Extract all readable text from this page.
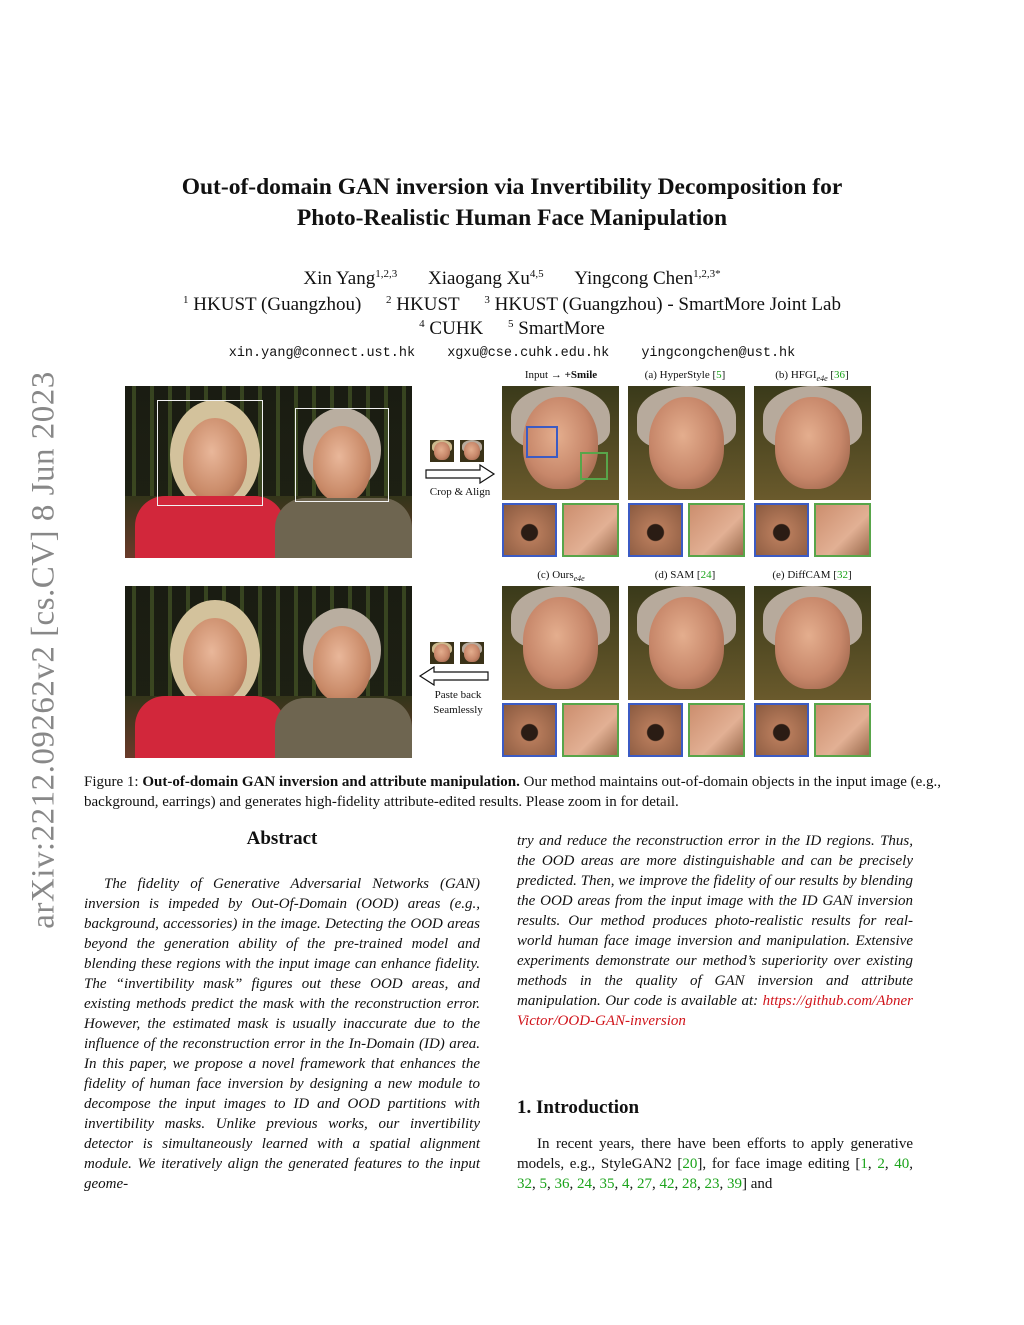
arXiv:2212.09262v2 [cs.CV] 8 Jun 2023
Out-of-domain GAN inversion via Invertibility Decomposition for
Photo-Realistic Human Face Manipulation
Xin Yang$^{1,2,3}$ Xiaogang Xu$^{4,5}$ Yingcong Chen$^{1,2,3*}$
$^1$ HKUST (Guangzhou) $^2$ HKUST $^3$ HKUST (Guangzhou) - SmartMore Joint Lab
$^4$ CUHK $^5$ SmartMore
xin.yang@connect.ust.hk xgxu@cse.cuhk.edu.hk yingcongchen@ust.hk
Crop & Align
Paste back
Seamlessly
Input → +Smile	(a) HyperStyle [5]	(b) $HFGI_{e4e}$ [36]
(c) Ours$_{e4e}$	(d) SAM [24]	(e) DiffCAM [32]
Figure 1: Out-of-domain GAN inversion and attribute manipulation. Our method maintains out-of-domain objects in the input image (e.g., background, earrings) and generates high-fidelity attribute-edited results. Please zoom in for detail.
Abstract
The fidelity of Generative Adversarial Networks (GAN) inversion is impeded by Out-Of-Domain (OOD) areas (e.g., background, accessories) in the image. Detecting the OOD areas beyond the generation ability of the pre-trained model and blending these regions with the input image can enhance fidelity. The “invertibility mask” figures out these OOD areas, and existing methods predict the mask with the reconstruction error. However, the estimated mask is usually inaccurate due to the influence of the reconstruction error in the In-Domain (ID) area. In this paper, we propose a novel framework that enhances the fidelity of human face inversion by designing a new module to decompose the input images to ID and OOD partitions with invertibility masks. Unlike previous works, our invertibility detector is simultaneously learned with a spatial alignment module. We iteratively align the generated features to the input geome-
try and reduce the reconstruction error in the ID regions. Thus, the OOD areas are more distinguishable and can be precisely predicted. Then, we improve the fidelity of our results by blending the OOD areas from the input image with the ID GAN inversion results. Our method produces photo-realistic results for real-world human face image inversion and manipulation. Extensive experiments demonstrate our method’s superiority over existing methods in the quality of GAN inversion and attribute manipulation. Our code is available at: https://github.com/AbnerVictor/OOD-GAN-inversion
1. Introduction
In recent years, there have been efforts to apply generative models, e.g., StyleGAN2 [20], for face image editing [1, 2, 40, 32, 5, 36, 24, 35, 4, 27, 42, 28, 23, 39] and
